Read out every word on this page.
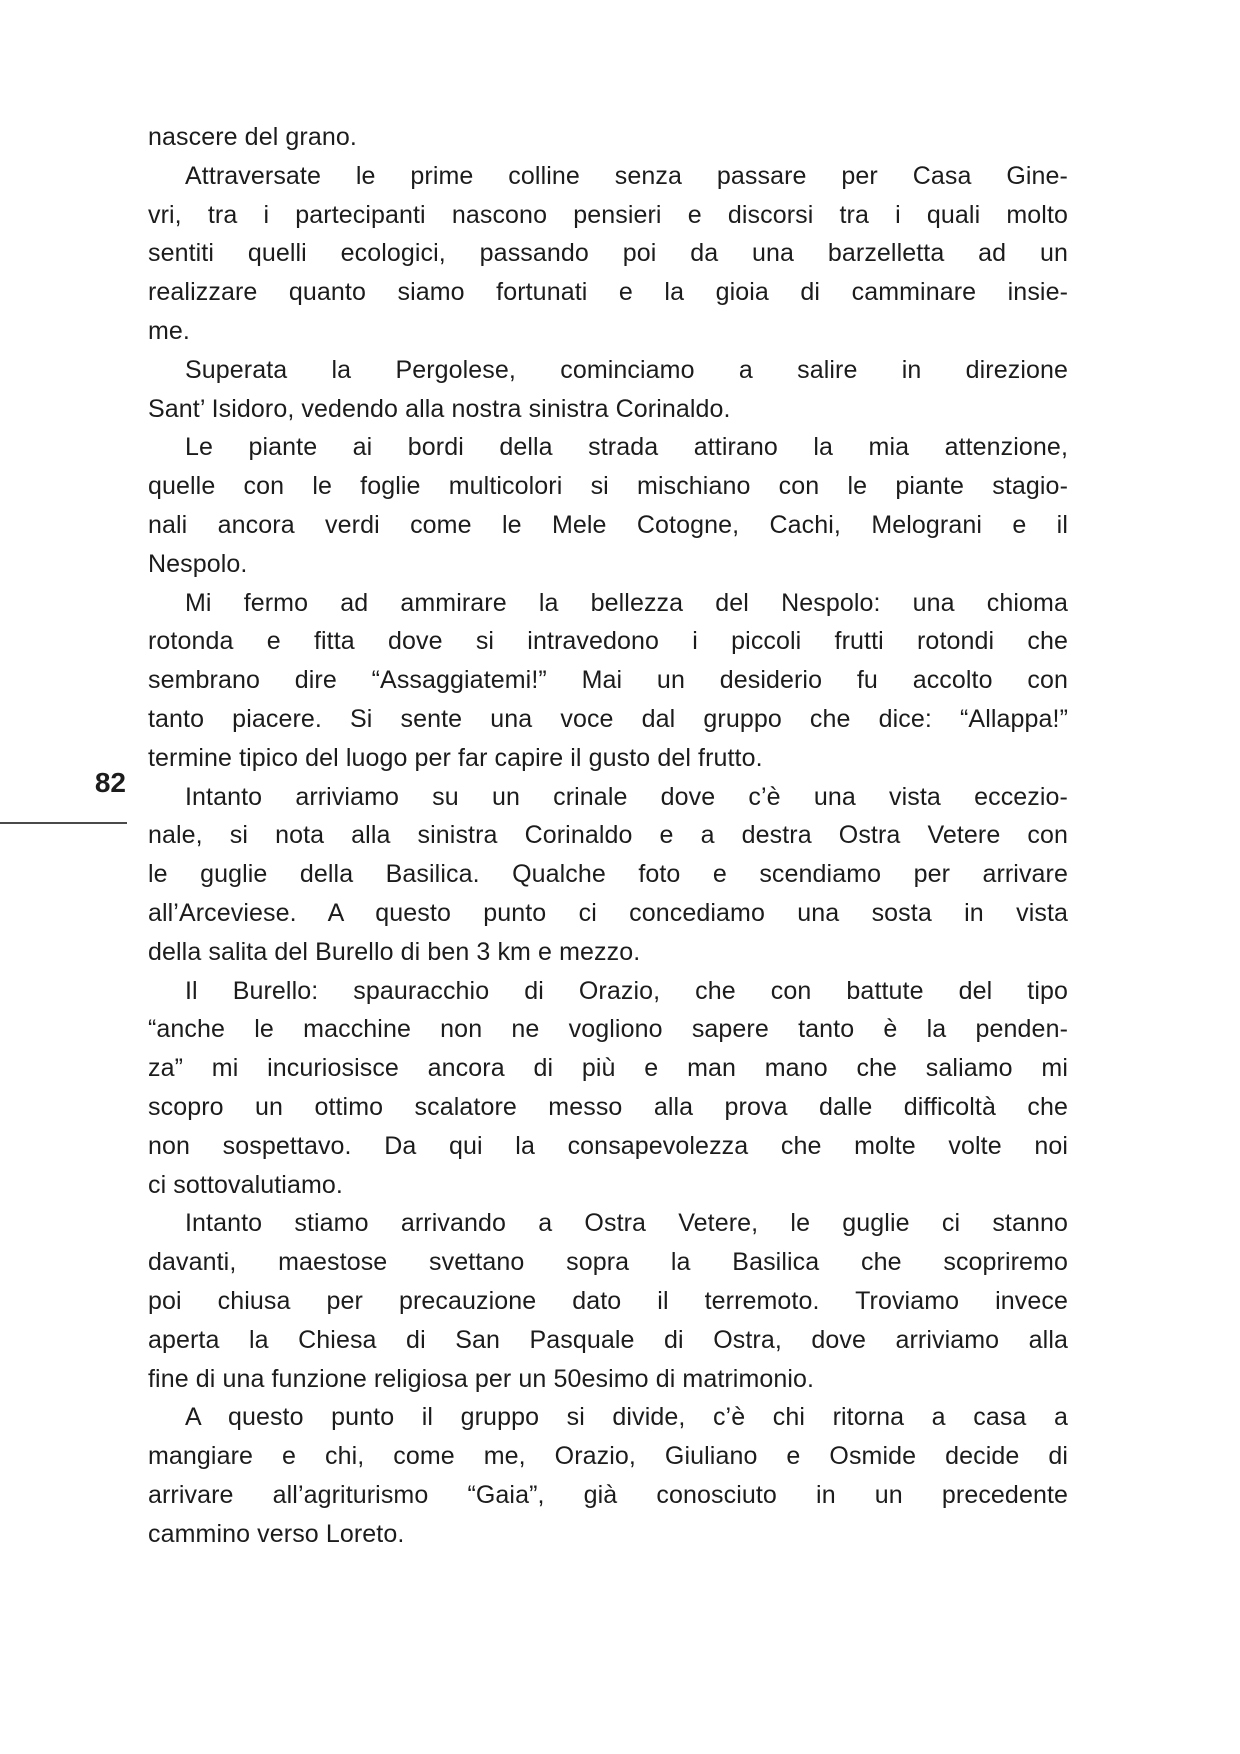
82
nascere del grano.
Attraversate le prime colline senza passare per Casa Gine-
vri, tra i partecipanti nascono pensieri e discorsi tra i quali molto
sentiti quelli ecologici, passando poi da una barzelletta ad un
realizzare quanto siamo fortunati e la gioia di camminare insie-
me.
Superata la Pergolese, cominciamo a salire in direzione
Sant’ Isidoro, vedendo alla nostra sinistra Corinaldo.
Le piante ai bordi della strada attirano la mia attenzione,
quelle con le foglie multicolori si mischiano con le piante stagio-
nali ancora verdi come le Mele Cotogne, Cachi, Melograni e il
Nespolo.
Mi fermo ad ammirare la bellezza del Nespolo: una chioma
rotonda e fitta dove si intravedono i piccoli frutti rotondi che
sembrano dire “Assaggiatemi!” Mai un desiderio fu accolto con
tanto piacere. Si sente una voce dal gruppo che dice: “Allappa!”
termine tipico del luogo per far capire il gusto del frutto.
Intanto arriviamo su un crinale dove c’è una vista eccezio-
nale, si nota alla sinistra Corinaldo e a destra Ostra Vetere con
le guglie della Basilica. Qualche foto e scendiamo per arrivare
all’Arceviese. A questo punto ci concediamo una sosta in vista
della salita del Burello di ben 3 km e mezzo.
Il Burello: spauracchio di Orazio, che con battute del tipo
“anche le macchine non ne vogliono sapere tanto è la penden-
za” mi incuriosisce ancora di più e man mano che saliamo mi
scopro un ottimo scalatore messo alla prova dalle difficoltà che
non sospettavo. Da qui la consapevolezza che molte volte noi
ci sottovalutiamo.
Intanto stiamo arrivando a Ostra Vetere, le guglie ci stanno
davanti, maestose svettano sopra la Basilica che scopriremo
poi chiusa per precauzione dato il terremoto. Troviamo invece
aperta la Chiesa di San Pasquale di Ostra, dove arriviamo alla
fine di una funzione religiosa per un 50esimo di matrimonio.
A questo punto il gruppo si divide, c’è chi ritorna a casa a
mangiare e chi, come me, Orazio, Giuliano e Osmide decide di
arrivare all’agriturismo “Gaia”, già conosciuto in un precedente
cammino verso Loreto.
